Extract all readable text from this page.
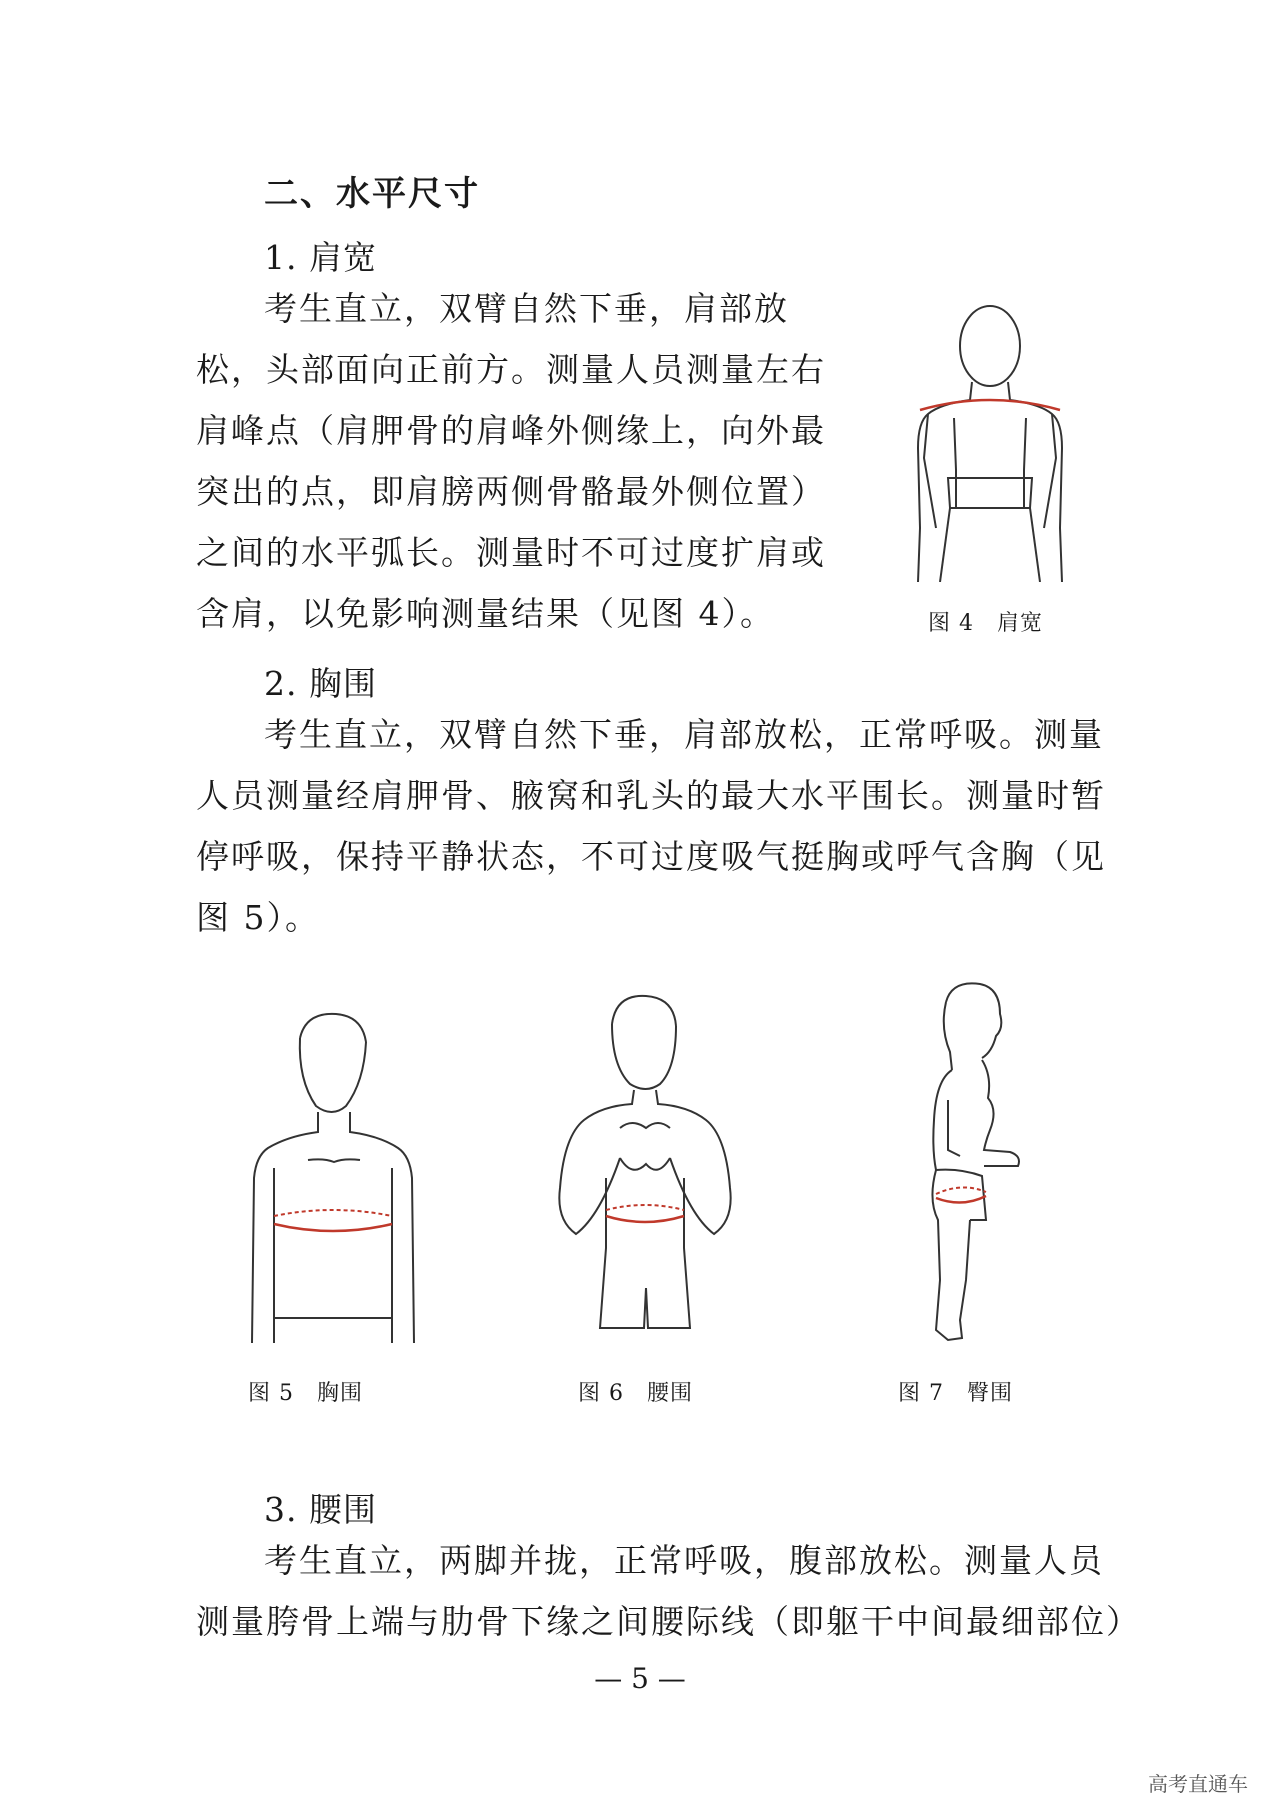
二、水平尺寸
1. 肩宽
考生直立，双臂自然下垂，肩部放
松，头部面向正前方。测量人员测量左右
肩峰点（肩胛骨的肩峰外侧缘上，向外最
突出的点，即肩膀两侧骨骼最外侧位置）
之间的水平弧长。测量时不可过度扩肩或
含肩，以免影响测量结果（见图 4）。	图 4　肩宽
2. 胸围
考生直立，双臂自然下垂，肩部放松，正常呼吸。测量
人员测量经肩胛骨、腋窝和乳头的最大水平围长。测量时暂
停呼吸，保持平静状态，不可过度吸气挺胸或呼气含胸（见
图 5）。
图 5　胸围	图 6　腰围	图 7　臀围
3. 腰围
考生直立，两脚并拢，正常呼吸，腹部放松。测量人员
测量胯骨上端与肋骨下缘之间腰际线（即躯干中间最细部位）
— 5 —
高考直通车
